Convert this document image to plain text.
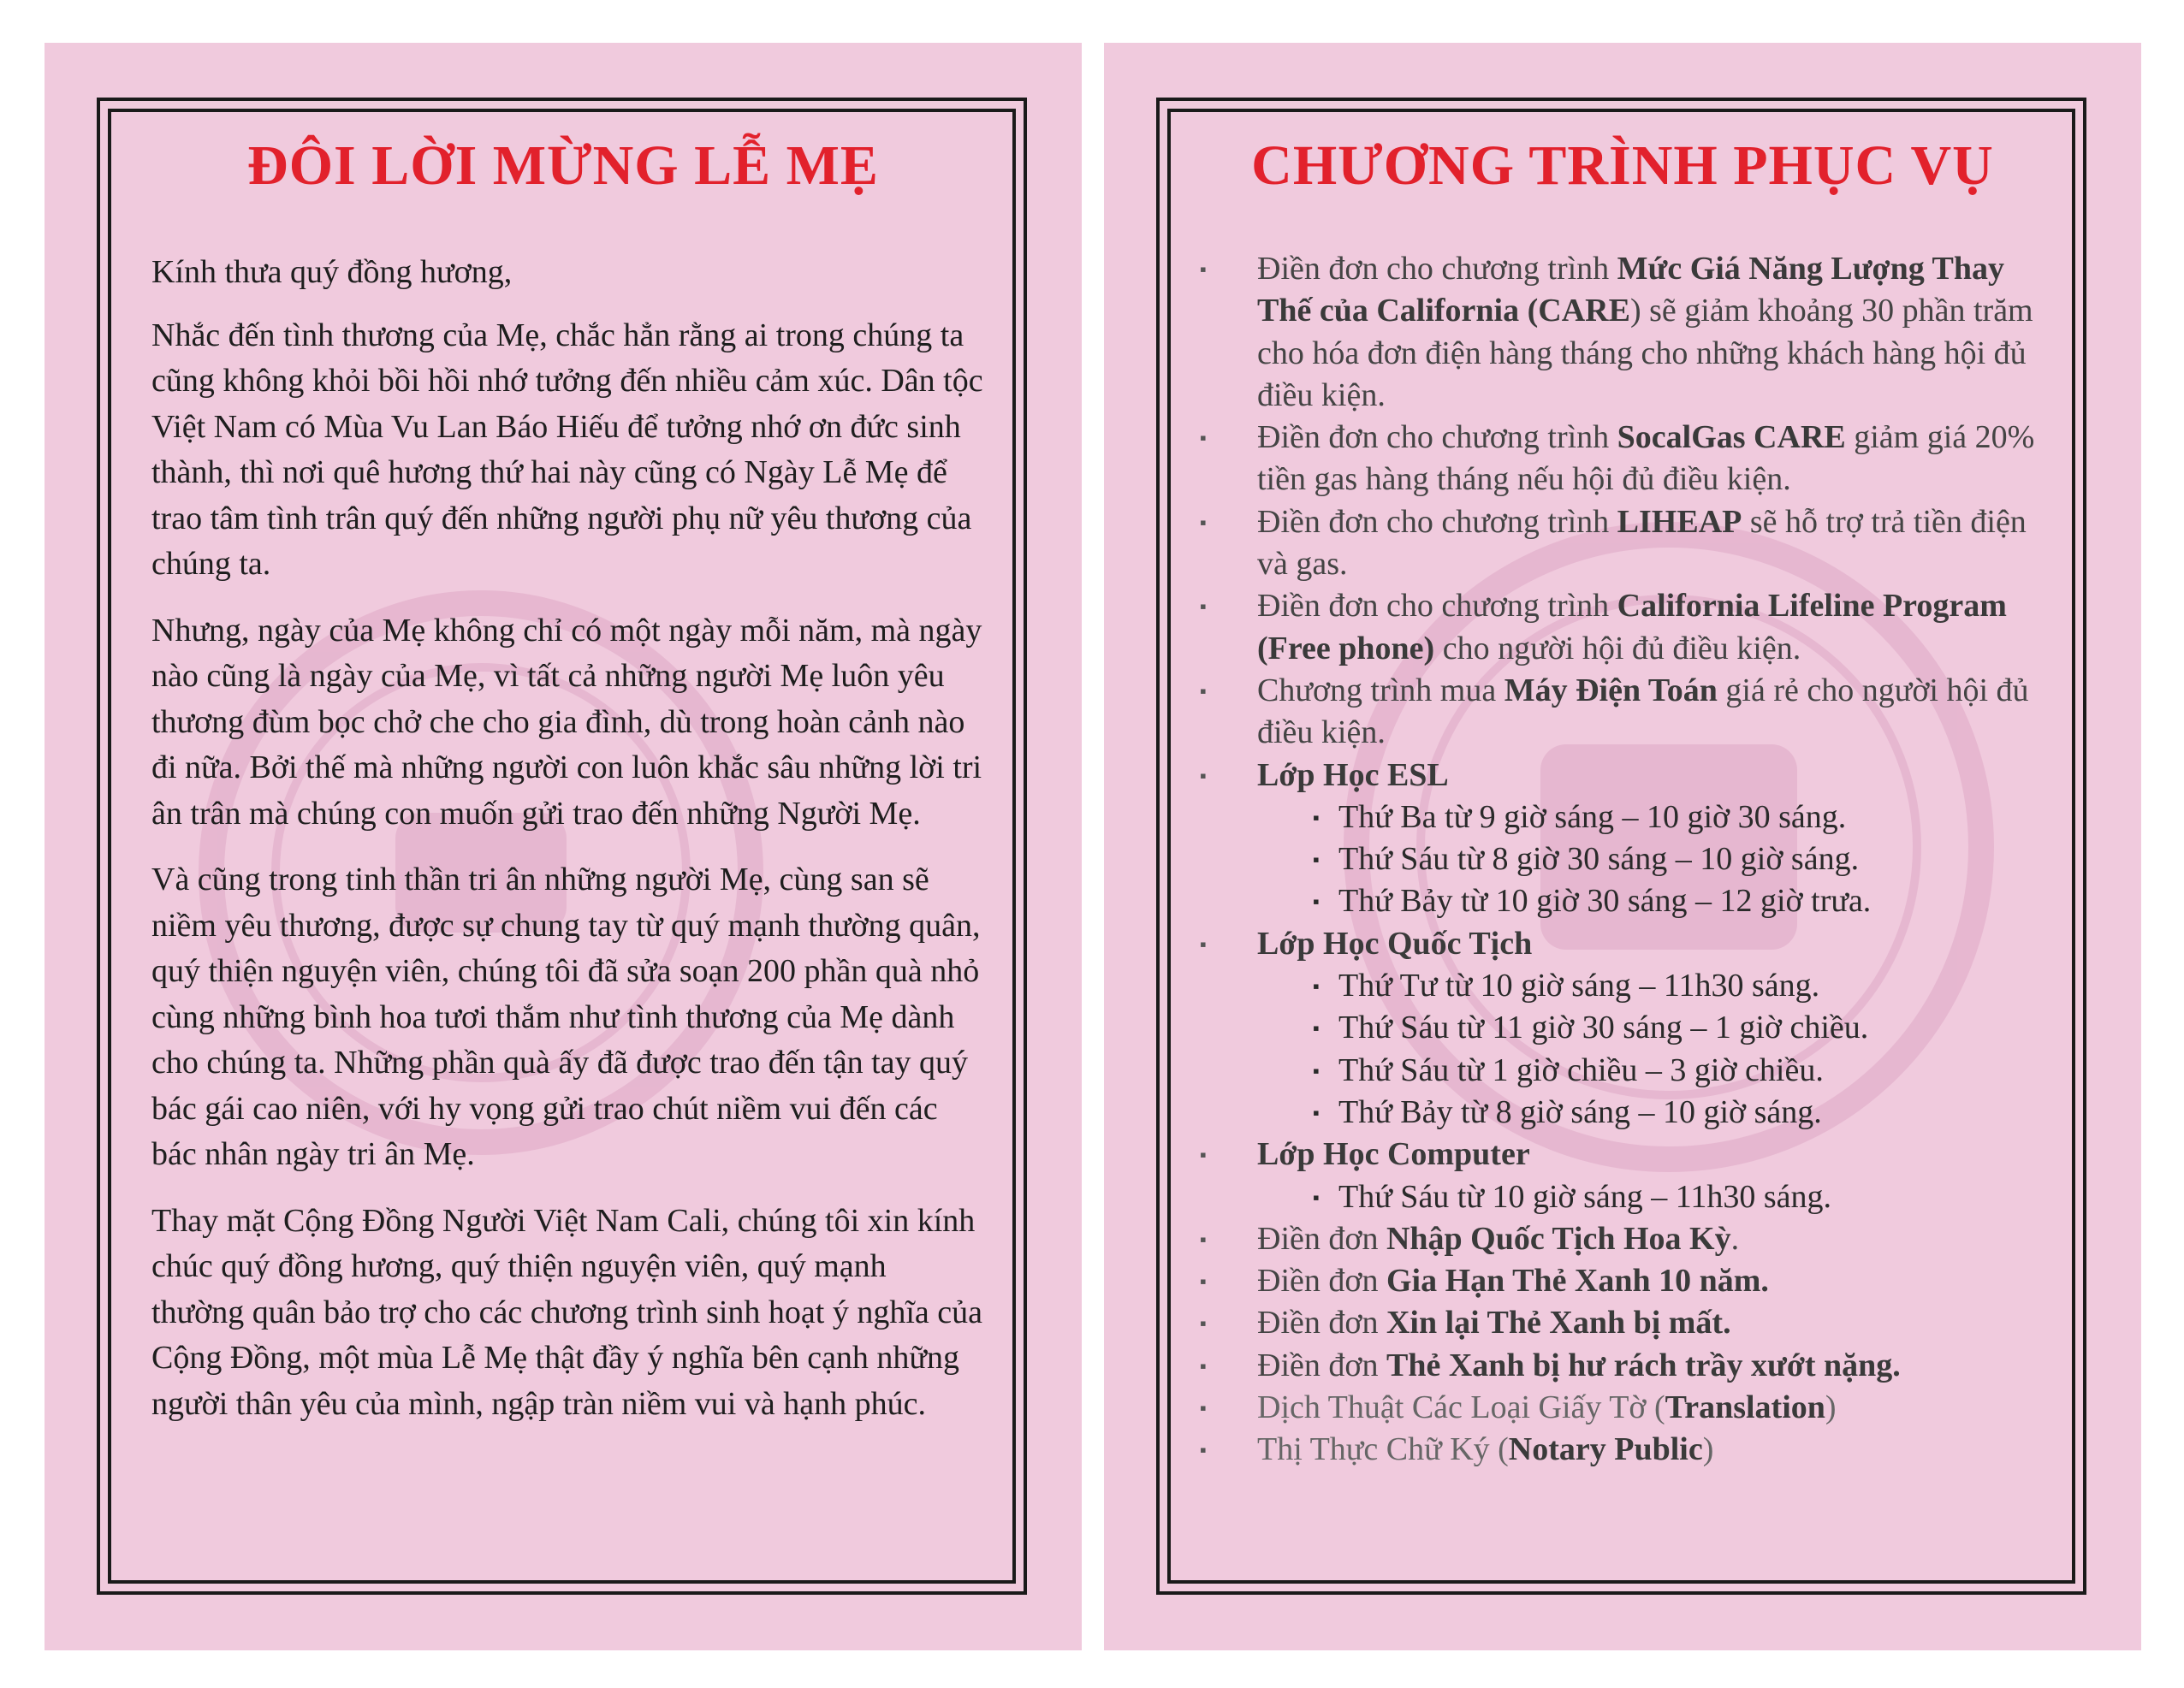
ĐÔI LỜI MỪNG LỄ MẸ

Kính thưa quý đồng hương,

Nhắc đến tình thương của Mẹ, chắc hẳn rằng ai trong chúng ta cũng không khỏi bồi hồi nhớ tưởng đến nhiều cảm xúc. Dân tộc Việt Nam có Mùa Vu Lan Báo Hiếu để tưởng nhớ ơn đức sinh thành, thì nơi quê hương thứ hai này cũng có Ngày Lễ Mẹ để trao tâm tình trân quý đến những người phụ nữ yêu thương của chúng ta.

Nhưng, ngày của Mẹ không chỉ có một ngày mỗi năm, mà ngày nào cũng là ngày của Mẹ, vì tất cả những người Mẹ luôn yêu thương đùm bọc chở che cho gia đình, dù trong hoàn cảnh nào đi nữa. Bởi thế mà những người con luôn khắc sâu những lời tri ân trân mà chúng con muốn gửi trao đến những Người Mẹ.

Và cũng trong tinh thần tri ân những người Mẹ, cùng san sẽ niềm yêu thương, được sự chung tay từ quý mạnh thường quân, quý thiện nguyện viên, chúng tôi đã sửa soạn 200 phần quà nhỏ cùng những bình hoa tươi thắm như tình thương của Mẹ dành cho chúng ta. Những phần quà ấy đã được trao đến tận tay quý bác gái cao niên, với hy vọng gửi trao chút niềm vui đến các bác nhân ngày tri ân Mẹ.

Thay mặt Cộng Đồng Người Việt Nam Cali, chúng tôi xin kính chúc quý đồng hương, quý thiện nguyện viên, quý mạnh thường quân bảo trợ cho các chương trình sinh hoạt ý nghĩa của Cộng Đồng, một mùa Lễ Mẹ thật đầy ý nghĩa bên cạnh những người thân yêu của mình, ngập tràn niềm vui và hạnh phúc.

CHƯƠNG TRÌNH PHỤC VỤ
▪ Điền đơn cho chương trình Mức Giá Năng Lượng Thay Thế của California (CARE) sẽ giảm khoảng 30 phần trăm cho hóa đơn điện hàng tháng cho những khách hàng hội đủ điều kiện.
▪ Điền đơn cho chương trình SocalGas CARE giảm giá 20% tiền gas hàng tháng nếu hội đủ điều kiện.
▪ Điền đơn cho chương trình LIHEAP sẽ hỗ trợ trả tiền điện và gas.
▪ Điền đơn cho chương trình California Lifeline Program (Free phone) cho người hội đủ điều kiện.
▪ Chương trình mua Máy Điện Toán giá rẻ cho người hội đủ điều kiện.
▪ Lớp Học ESL
▪ Thứ Ba từ 9 giờ sáng – 10 giờ 30 sáng.
▪ Thứ Sáu từ 8 giờ 30 sáng – 10 giờ sáng.
▪ Thứ Bảy từ 10 giờ 30 sáng – 12 giờ trưa.
▪ Lớp Học Quốc Tịch
▪ Thứ Tư từ 10 giờ sáng – 11h30 sáng.
▪ Thứ Sáu từ 11 giờ 30 sáng – 1 giờ chiều.
▪ Thứ Sáu từ 1 giờ chiều – 3 giờ chiều.
▪ Thứ Bảy từ 8 giờ sáng – 10 giờ sáng.
▪ Lớp Học Computer
▪ Thứ Sáu từ 10 giờ sáng – 11h30 sáng.
▪ Điền đơn Nhập Quốc Tịch Hoa Kỳ.
▪ Điền đơn Gia Hạn Thẻ Xanh 10 năm.
▪ Điền đơn Xin lại Thẻ Xanh bị mất.
▪ Điền đơn Thẻ Xanh bị hư rách trầy xướt nặng.
▪ Dịch Thuật Các Loại Giấy Tờ (Translation)
▪ Thị Thực Chữ Ký (Notary Public)
